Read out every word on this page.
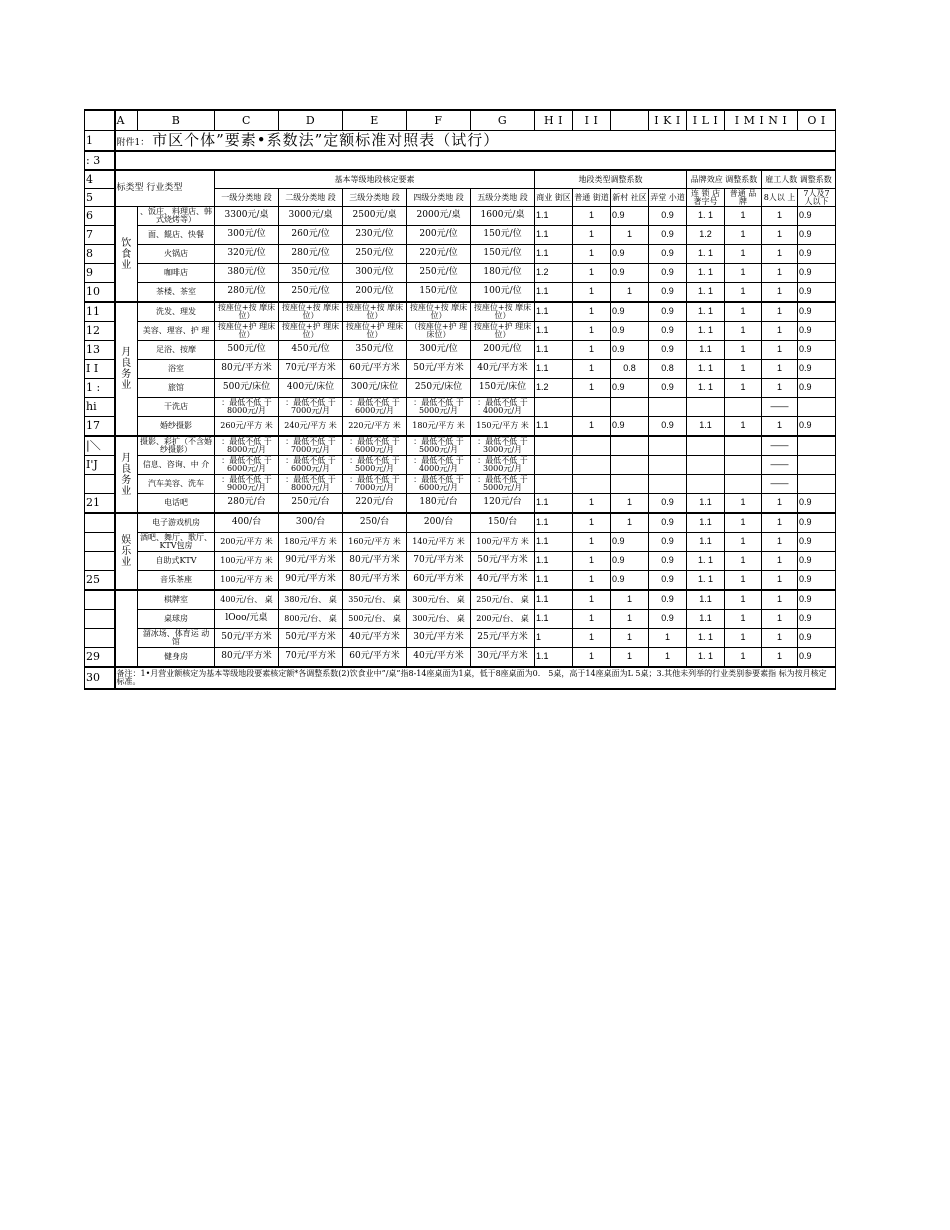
	A	B	C	D	E	F	G	H I	I I		I K I	I L I	I M I N I		O I
1	附件1： 市区个体”要素•系数法”定额标准对照表（试行）														
: 3															
4	标类型 行业类型		基本等级地段核定要素					地段类型调整系数				品牌效应 调整系数		雇工人数 调整系数	
5			一级分类地 段	二级分类地 段	三级分类地 段	四级分类地 段	五级分类地 段	商业 街区	普通 街道	新村 社区	弄堂 小道	连 锁 店 著字号	普通 品 牌	8人以 上	7人及7 人以下
6	饮食业	、饭庄、料理店、韩式烧烤等）	3300元/桌	3000元/桌	2500元/桌	2000元/桌	1600元/桌	1.1	1	0.9	0.9	1. 1	1	1	0.9
7		面、餛店、快餐	300元/位	260元/位	230元/位	200元/位	150元/位	1.1	1	1	0.9	1.2	1	1	0.9
8		火锅店	320元/位	280元/位	250元/位	220元/位	150元/位	1.1	1	0.9	0.9	1. 1	1	1	0.9
9		咖啡店	380元/位	350元/位	300元/位	250元/位	180元/位	1.2	1	0.9	0.9	1. 1	1	1	0.9
10		茶楼、茶室	280元/位	250元/位	200元/位	150元/位	100元/位	1.1	1	1	0.9	1. 1	1	1	0.9
11	月良务业	洗发、理发	按座位+按 摩床位）	按座位+按 摩床位）	按座位+按 摩床位）	按座位+按 摩床位）	按座位+按 摩床位）	1.1	1	0.9	0.9	1. 1	1	1	0.9
12		美容、理容、护 理	按座位+护 理床位）	按座位+护 理床位）	按座位+护 理床位）	（按座位+护 理床位）	按座位+护 理床位）	1.1	1	0.9	0.9	1. 1	1	1	0.9
13		足浴、按摩	500元/位	450元/位	350元/位	300元/位	200元/位	1.1	1	0.9	0.9	1.1	1	1	0.9
I I		浴室	80元/平方米	70元/平方米	60元/平方米	50元/平方米	40元/平方米	1.1	1	0.8	0.8	1. 1	1	1	0.9
1 :		旅馆	500元/床位	400元/床位	300元/床位	250元/床位	150元/床位	1.2	1	0.9	0.9	1. 1	1	1	0.9
hi		干洗店	：最低不低 于8000元/月	：最低不低 于7000元/月	：最低不低 于6000元/月	：最低不低 于5000元/月	：最低不低 于4000元/月							——	
17		婚纱摄影	260元/平方 米	240元/平方 米	220元/平方 米	180元/平方 米	150元/平方 米	1.1	1	0.9	0.9	1.1	1	1	0.9
|＼	月良务业	摄影、彩扩（不含婚纱摄影）	：最低不低 于8000元/月	：最低不低 于7000元/月	：最低不低 于6000元/月	：最低不低 于5000元/月	：最低不低 于3000元/月							——	
I'J		信息、咨询、中 介	：最低不低 于6000元/月	：最低不低 于6000元/月	：最低不低 于5000元/月	：最低不低 于4000元/月	：最低不低 于3000元/月							——	
		汽车美容、洗车	：最低不低 于9000元/月	：最低不低 于8000元/月	：最低不低 于7000元/月	：最低不低 于6000元/月	：最低不低 于5000元/月							——	
21		电话吧	280元/台	250元/台	220元/台	180元/台	120元/台	1.1	1	1	0.9	1.1	1	1	0.9
	娱乐业	电子游戏机房	400/台	300/台	250/台	200/台	150/台	1.1	1	1	0.9	1.1	1	1	0.9
		酒吧、舞厅、歌厅、KTV包房	200元/平方 米	180元/平方 米	160元/平方 米	140元/平方 米	100元/平方 米	1.1	1	0.9	0.9	1.1	1	1	0.9
		自助式KTV	100元/平方 米	90元/平方米	80元/平方米	70元/平方米	50元/平方米	1.1	1	0.9	0.9	1. 1	1	1	0.9
25		音乐茶座	100元/平方 米	90元/平方米	80元/平方米	60元/平方米	40元/平方米	1.1	1	0.9	0.9	1. 1	1	1	0.9
		棋牌室	400元/台、 桌	380元/台、 桌	350元/台、 桌	300元/台、 桌	250元/台、 桌	1.1	1	1	0.9	1.1	1	1	0.9
		桌球房	lOoo/元桌	800元/台、 桌	500元/台、 桌	300元/台、 桌	200元/台、 桌	1.1	1	1	0.9	1.1	1	1	0.9
		溜冰场、体育运 动馆	50元/平方米	50元/平方米	40元/平方米	30元/平方米	25元/平方米	1	1	1	1	1. 1	1	1	0.9
29		健身房	80元/平方米	70元/平方米	60元/平方米	40元/平方米	30元/平方米	1.1	1	1	1	1. 1	1	1	0.9
30	备注：1•月营业额核定为基本等级地段要素核定额*各调整系数(2)饮食业中”/桌”指8-14座桌面为1桌，低于8座桌面为0． 5桌，高于14座桌面为L 5桌；3.其他未列举的行业类别参要素指 标为按月核定标准。														
